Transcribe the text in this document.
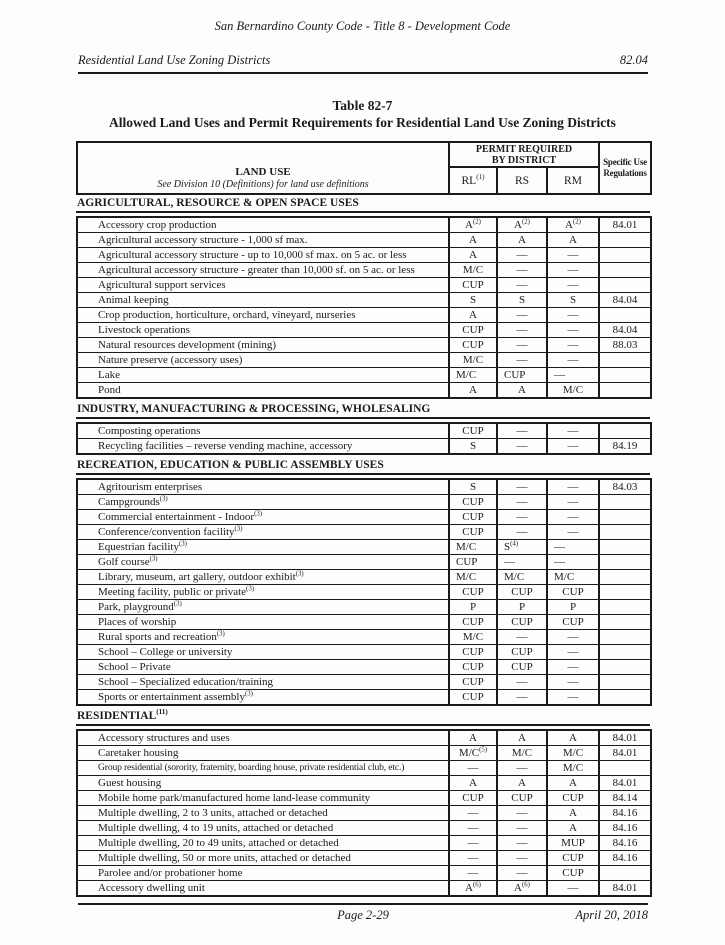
San Bernardino County Code - Title 8 - Development Code
Residential Land Use Zoning Districts	82.04
Table 82-7
Allowed Land Uses and Permit Requirements for Residential Land Use Zoning Districts
LAND USE
See Division 10 (Definitions) for land use definitions	PERMIT REQUIRED BY DISTRICT			Specific Use Regulations
	RL$^{(1)}$	RS	RM	
AGRICULTURAL, RESOURCE & OPEN SPACE USES
Accessory crop production	$A^{(2)}$	$A^{(2)}$	$A^{(2)}$	84.01
Agricultural accessory structure - 1,000 sf max.	A	A	A	
Agricultural accessory structure - up to 10,000 sf max. on 5 ac. or less	A	—	—	
Agricultural accessory structure - greater than 10,000 sf. on 5 ac. or less	M/C	—	—	
Agricultural support services	CUP	—	—	
Animal keeping	S	S	S	84.04
Crop production, horticulture, orchard, vineyard, nurseries	A	—	—	
Livestock operations	CUP	—	—	84.04
Natural resources development (mining)	CUP	—	—	88.03
Nature preserve (accessory uses)	M/C	—	—	
Lake	M/C	CUP	—	
Pond	A	A	M/C	
INDUSTRY, MANUFACTURING & PROCESSING, WHOLESALING
Composting operations	CUP	—	—	
Recycling facilities – reverse vending machine, accessory	S	—	—	84.19
RECREATION, EDUCATION & PUBLIC ASSEMBLY USES
Agritourism enterprises	S	—	—	84.03
Campgrounds$^{(3)}$	CUP	—	—	
Commercial entertainment - Indoor$^{(3)}$	CUP	—	—	
Conference/convention facility$^{(3)}$	CUP	—	—	
Equestrian facility$^{(3)}$	M/C	$S^{(4)}$	—	
Golf course$^{(3)}$	CUP	—	—	
Library, museum, art gallery, outdoor exhibit$^{(3)}$	M/C	M/C	M/C	
Meeting facility, public or private$^{(3)}$	CUP	CUP	CUP	
Park, playground$^{(3)}$	P	P	P	
Places of worship	CUP	CUP	CUP	
Rural sports and recreation$^{(3)}$	M/C	—	—	
School – College or university	CUP	CUP	—	
School – Private	CUP	CUP	—	
School – Specialized education/training	CUP	—	—	
Sports or entertainment assembly$^{(3)}$	CUP	—	—	
RESIDENTIAL$^{(11)}$
Accessory structures and uses	A	A	A	84.01
Caretaker housing	$M/C^{(5)}$	M/C	M/C	84.01
Group residential (sorority, fraternity, boarding house, private residential club, etc.)	—	—	M/C	
Guest housing	A	A	A	84.01
Mobile home park/manufactured home land-lease community	CUP	CUP	CUP	84.14
Multiple dwelling, 2 to 3 units, attached or detached	—	—	A	84.16
Multiple dwelling, 4 to 19 units, attached or detached	—	—	A	84.16
Multiple dwelling, 20 to 49 units, attached or detached	—	—	MUP	84.16
Multiple dwelling, 50 or more units, attached or detached	—	—	CUP	84.16
Parolee and/or probationer home	—	—	CUP	
Accessory dwelling unit	$A^{(6)}$	$A^{(6)}$	—	84.01
Page 2-29	April 20, 2018
